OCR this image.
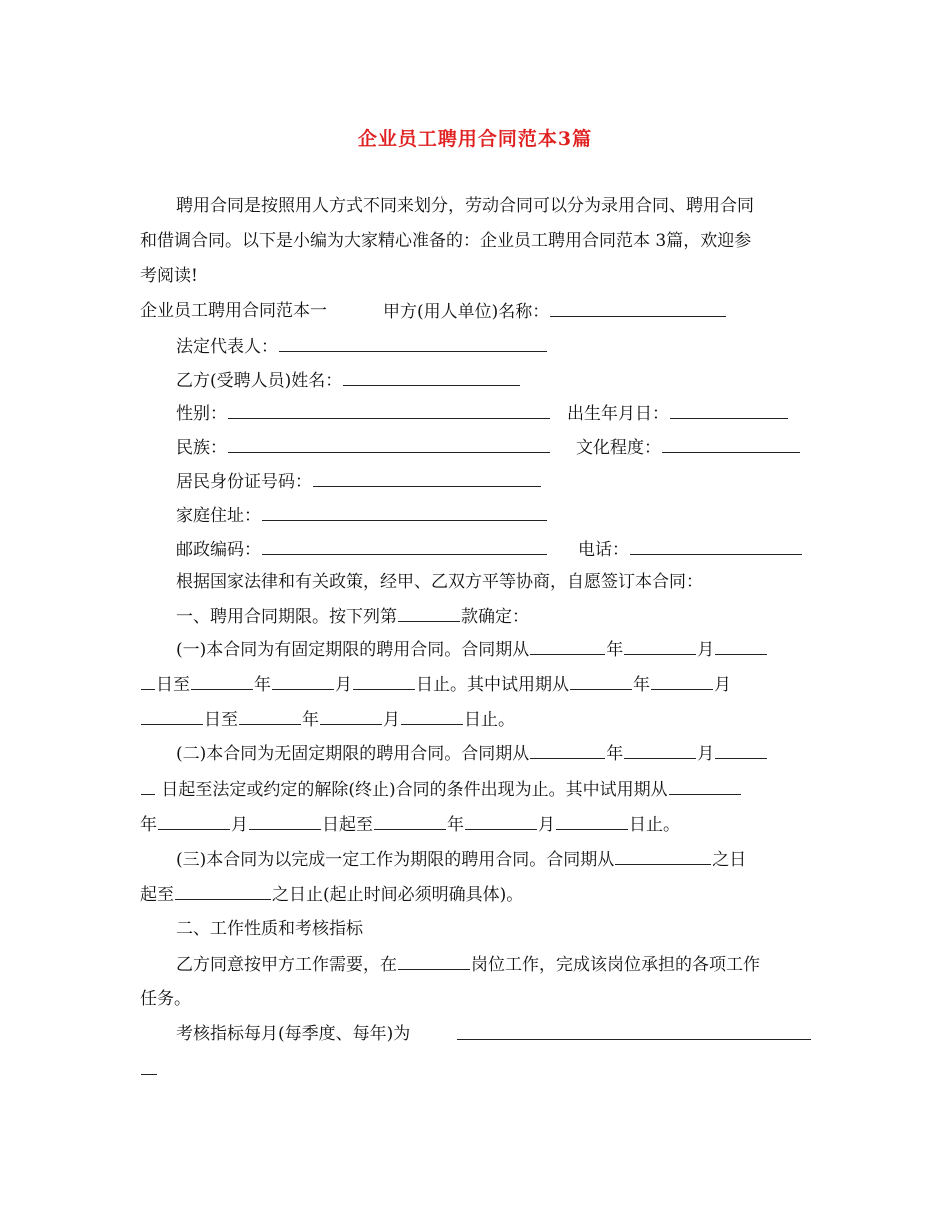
企业员工聘用合同范本3篇
聘用合同是按照用人方式不同来划分，劳动合同可以分为录用合同、聘用合同
和借调合同。以下是小编为大家精心准备的：企业员工聘用合同范本 3篇，欢迎参
考阅读!
企业员工聘用合同范本一	甲方(用人单位)名称：
法定代表人：
乙方(受聘人员)姓名：
性别：	出生年月日：
民族：	文化程度：
居民身份证号码：
家庭住址：
邮政编码：	电话：
根据国家法律和有关政策，经甲、乙双方平等协商，自愿签订本合同：
一、聘用合同期限。按下列第	款确定：
(一)本合同为有固定期限的聘用合同。合同期从	年	月
日至	年	月	日止。其中试用期从	年	月
日至	年	月	日止。
(二)本合同为无固定期限的聘用合同。合同期从	年	月
日起至法定或约定的解除(终止)合同的条件出现为止。其中试用期从
年	月	日起至	年	月	日止。
(三)本合同为以完成一定工作为期限的聘用合同。合同期从	之日
起至	之日止(起止时间必须明确具体)。
二、工作性质和考核指标
乙方同意按甲方工作需要，在	岗位工作，完成该岗位承担的各项工作
任务。
考核指标每月(每季度、每年)为
